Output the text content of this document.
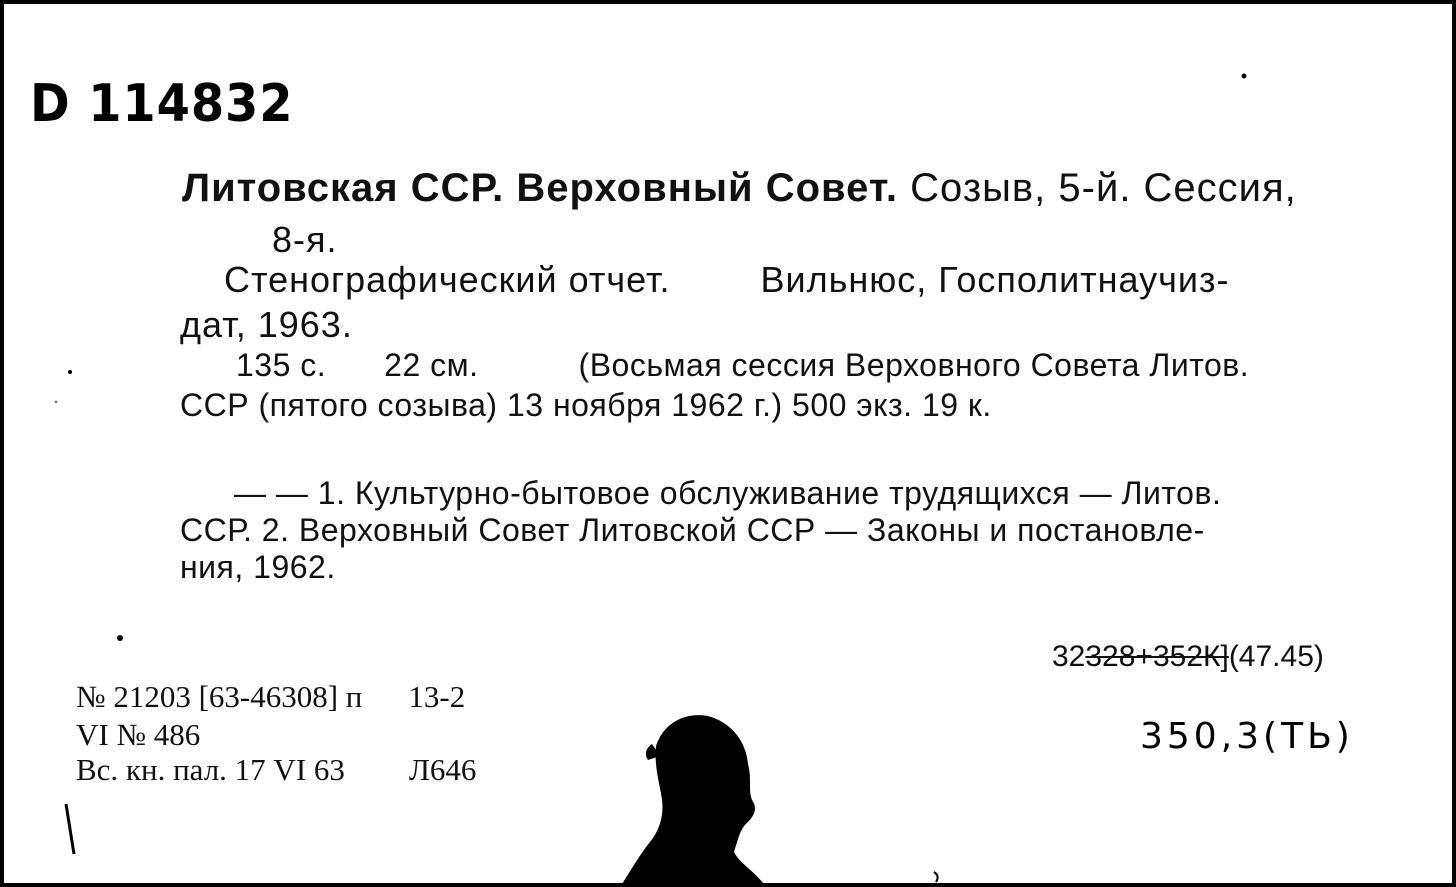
D 114832
Литовская ССР. Верховный Совет. Созыв, 5-й. Сессия,
8-я.
Стенографический отчет.	Вильнюс, Госполитнаучиз-
дат, 1963.
135 с. 22 см.	(Восьмая сессия Верховного Совета Литов.
ССР (пятого созыва) 13 ноября 1962 г.) 500 экз. 19 к.
— — 1. Культурно-бытовое обслуживание трудящихся — Литов.
ССР. 2. Верховный Совет Литовской ССР — Законы и постановле-
ния, 1962.
32328+352К](47.45)
350,3(ТЬ)
№ 21203 [63-46308] п 13-2
VI № 486
Вс. кн. пал. 17 VI 63 Л646
